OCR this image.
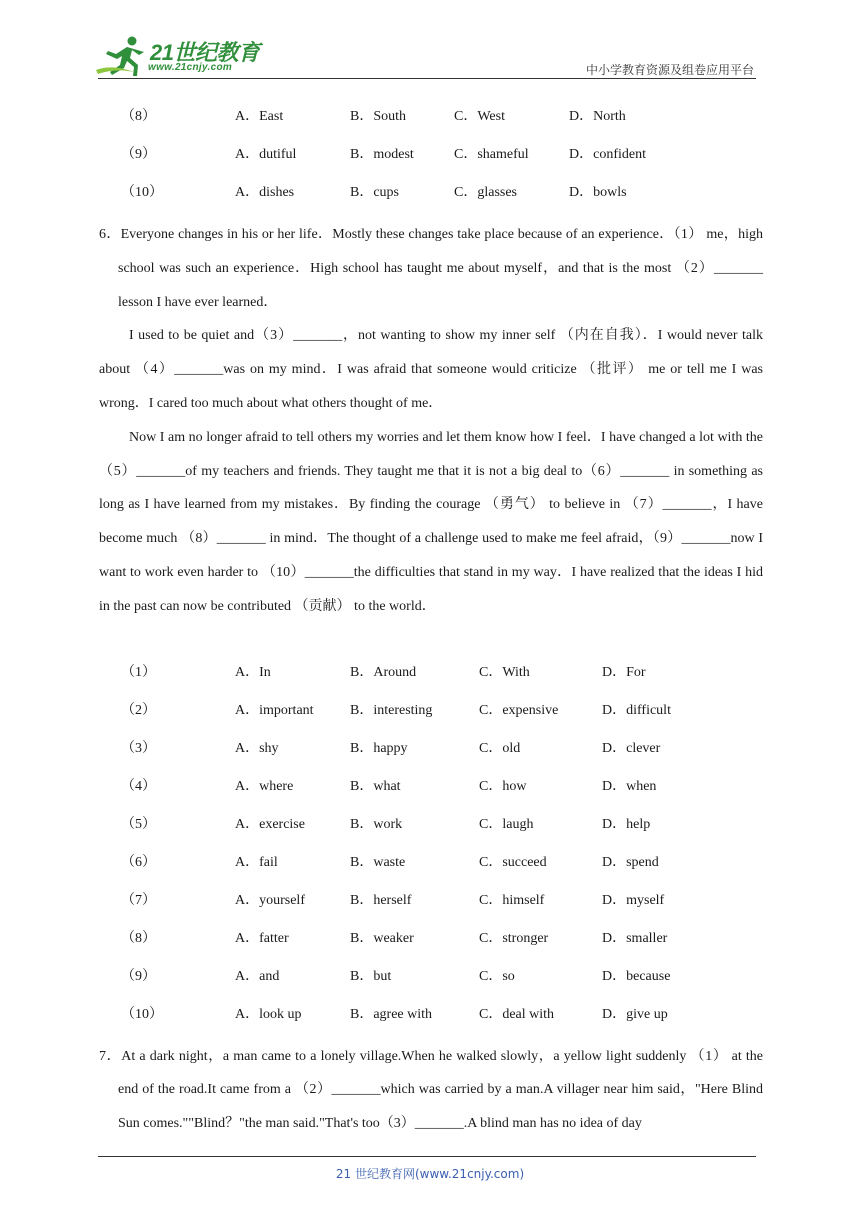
21世纪教育
www.21cnjy.com	中小学教育资源及组卷应用平台
（8）	A．East	B．South	C．West	D．North
（9）	A．dutiful	B．modest	C．shameful	D．confident
（10）	A．dishes	B．cups	C．glasses	D．bowls

6．Everyone changes in his or her life．Mostly these changes take place because of an experience．（1） me，high school was such an experience．High school has taught me about myself，and that is the most （2）_______ lesson I have ever learned．

I used to be quiet and（3）_______，not wanting to show my inner self （内在自我）．I would never talk about （4）_______was on my mind．I was afraid that someone would criticize （批评） me or tell me I was wrong．I cared too much about what others thought of me．

Now I am no longer afraid to tell others my worries and let them know how I feel．I have changed a lot with the（5）_______of my teachers and friends. They taught me that it is not a big deal to（6）_______ in something as long as I have learned from my mistakes．By finding the courage （勇气） to believe in （7）_______，I have become much （8）_______ in mind．The thought of a challenge used to make me feel afraid，（9）_______now I want to work even harder to （10）_______the difficulties that stand in my way．I have realized that the ideas I hid in the past can now be contributed （贡献） to the world．

（1）	A．In	B．Around	C．With	D．For
（2）	A．important	B．interesting	C．expensive	D．difficult
（3）	A．shy	B．happy	C．old	D．clever
（4）	A．where	B．what	C．how	D．when
（5）	A．exercise	B．work	C．laugh	D．help
（6）	A．fail	B．waste	C．succeed	D．spend
（7）	A．yourself	B．herself	C．himself	D．myself
（8）	A．fatter	B．weaker	C．stronger	D．smaller
（9）	A．and	B．but	C．so	D．because
（10）	A．look up	B．agree with	C．deal with	D．give up

7．At a dark night，a man came to a lonely village.When he walked slowly，a yellow light suddenly （1） at the end of the road.It came from a （2）_______which was carried by a man.A villager near him said，"Here Blind Sun comes.""Blind？"the man said."That's too（3）_______.A blind man has no idea of day

21 世纪教育网(www.21cnjy.com)
